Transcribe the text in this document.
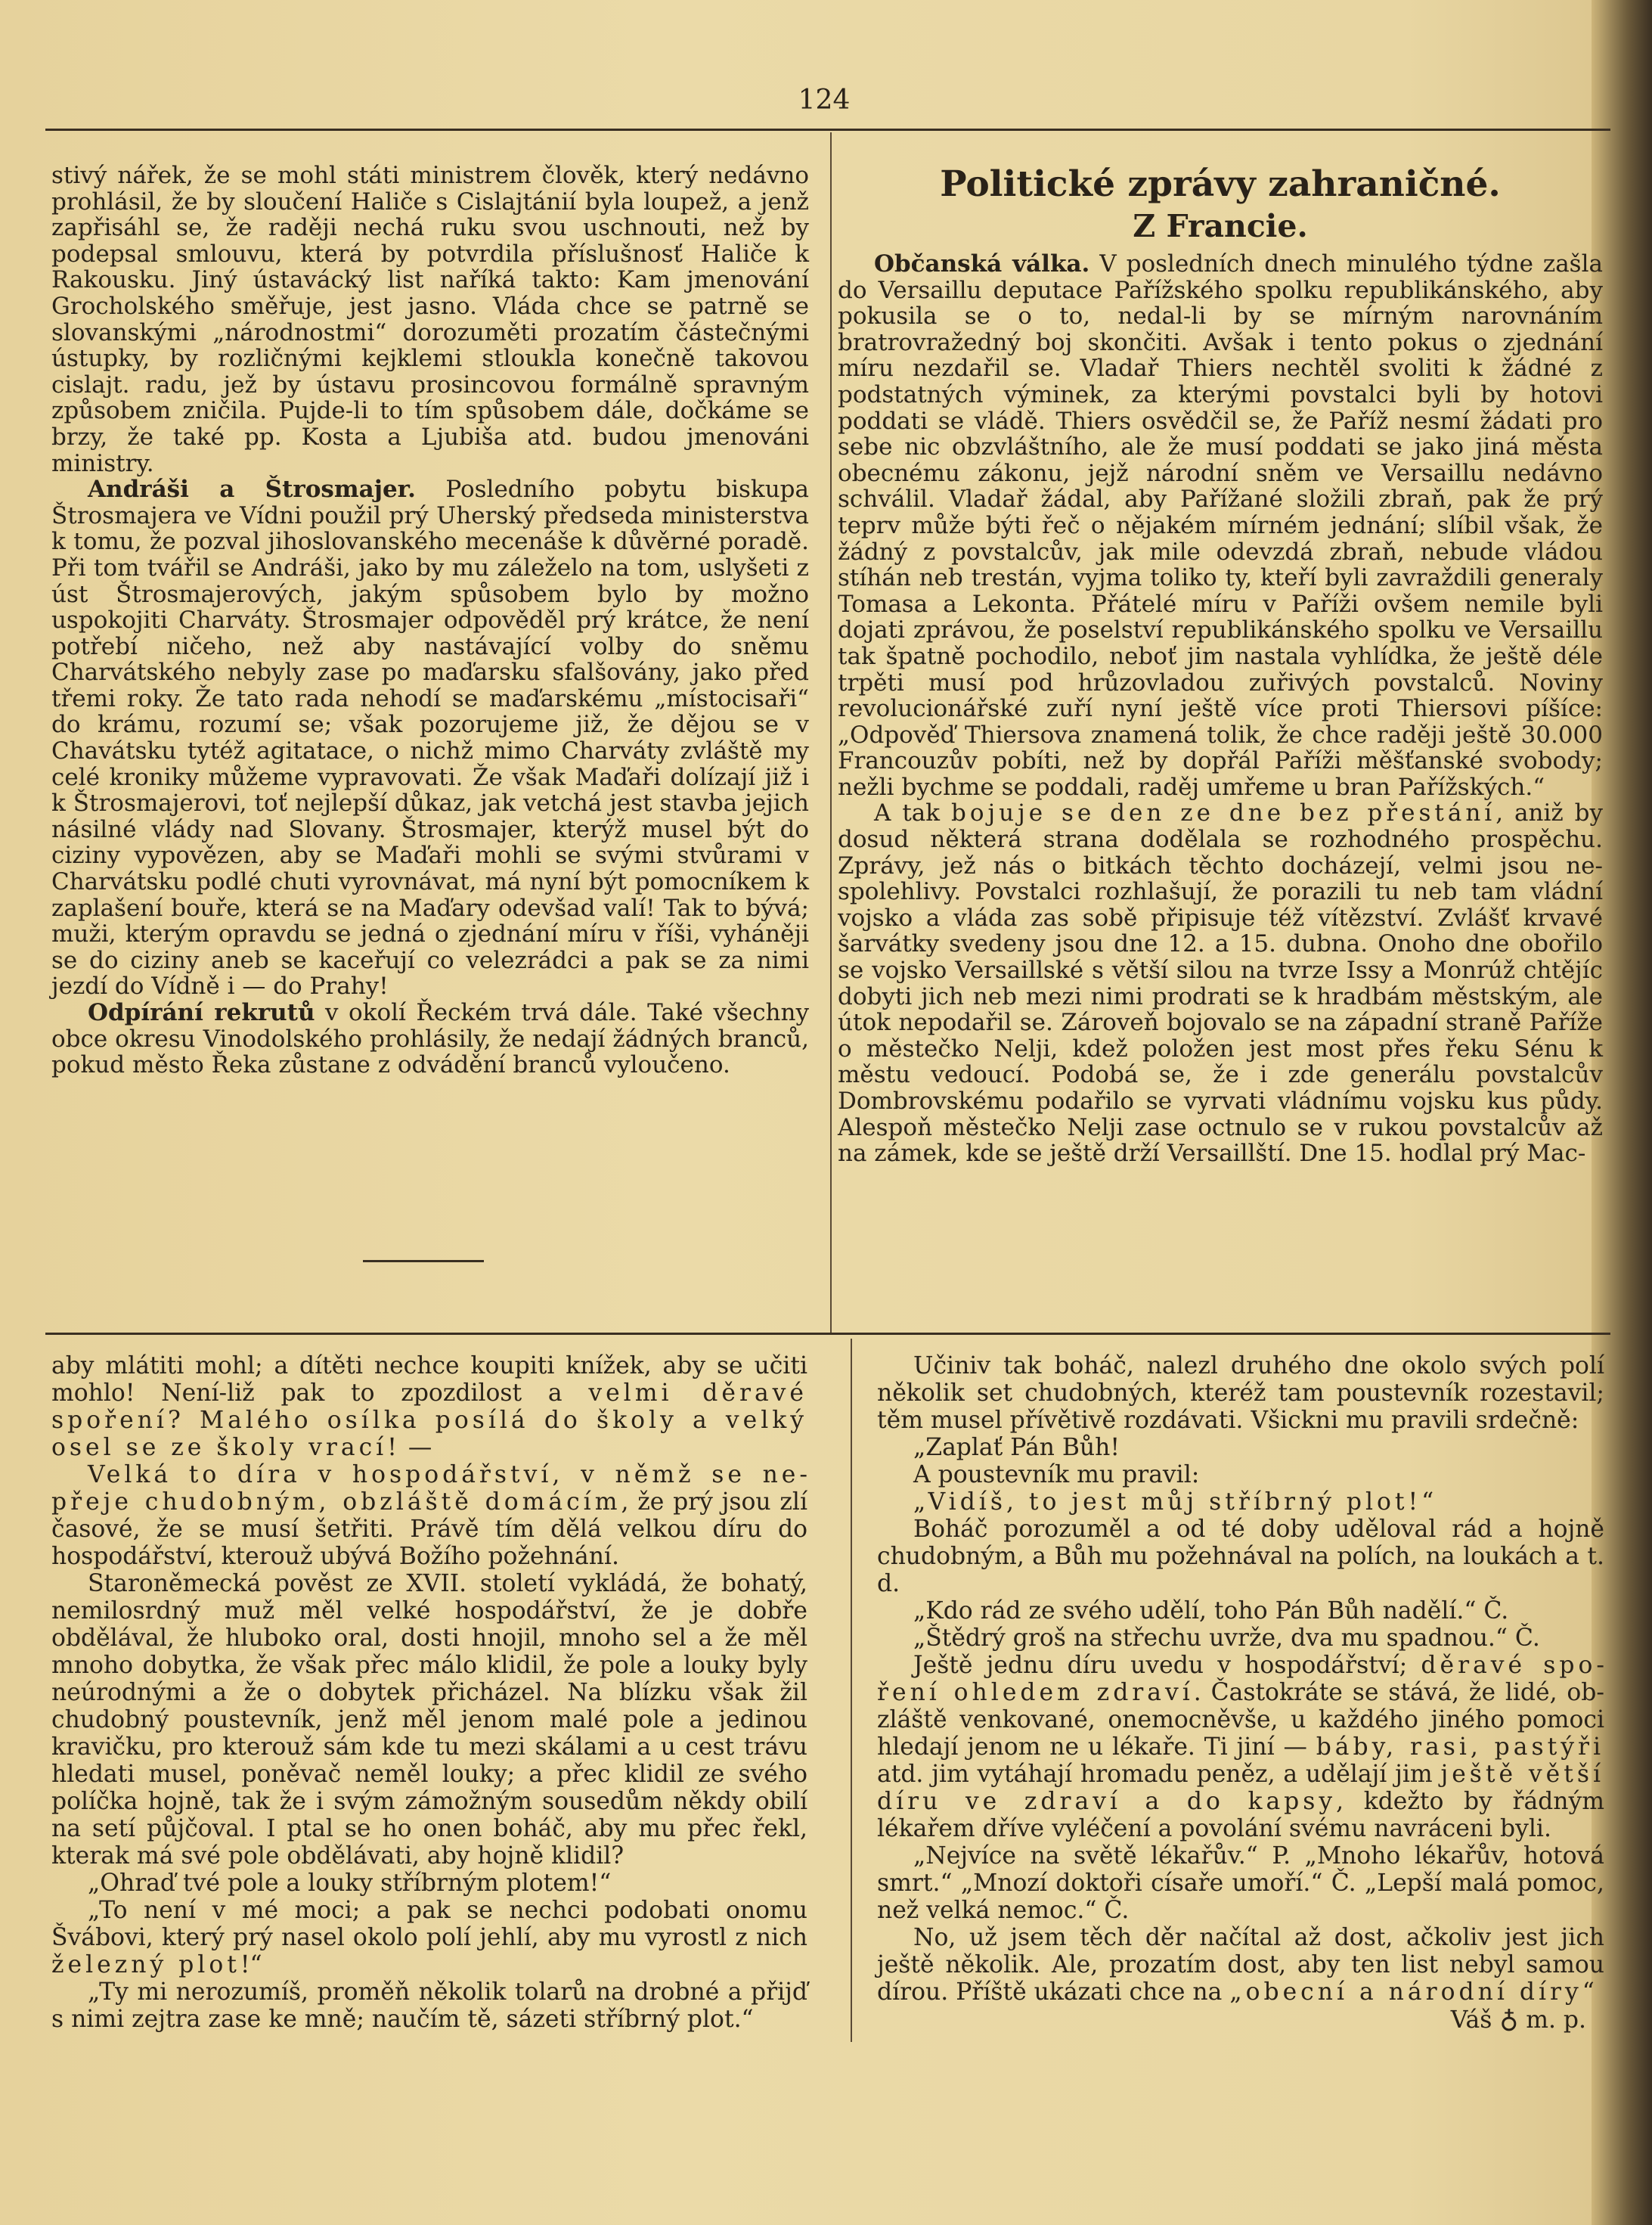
124

stivý nářek, že se mohl státi ministrem člověk, který nedávno prohlásil, že by sloučení Haliče s Cislajtánií byla loupež, a jenž zapřisáhl se, že raději nechá ruku svou uschnouti, než by podepsal smlouvu, která by potvrdila příslušnosť Haliče k Rakousku. Jiný ústavácký list naříká takto: Kam jmenování Grocholského směřuje, jest jasno. Vláda chce se patrně se slovanskými „národnostmi“ dorozuměti prozatím částečnými ústupky, by rozličnými kejklemi stloukla konečně takovou cislajt. radu, jež by ústavu prosincovou formálně spravným způsobem zničila. Pujde-li to tím spůsobem dále, dočkáme se brzy, že také pp. Kosta a Ljubiša atd. budou jmenováni ministry.

Andráši a Štrosmajer. Posledního pobytu biskupa Štrosmajera ve Vídni použil prý Uherský předseda ministerstva k tomu, že pozval jihoslovanského mecenáše k důvěrné poradě. Při tom tvářil se Andráši, jako by mu záleželo na tom, uslyšeti z úst Štrosmajerových, jakým spůsobem bylo by možno uspokojiti Charváty. Štrosmajer odpověděl prý krátce, že není potřebí ničeho, než aby nastávající volby do sněmu Charvátského nebyly zase po maďarsku sfalšovány, jako před třemi roky. Že tato rada nehodí se maďarskému „místocisaři“ do krámu, rozumí se; však pozorujeme již, že dějou se v Chavátsku tytéž agitatace, o nichž mimo Charváty zvláště my celé kroniky můžeme vypravovati. Že však Maďaři dolízají již i k Štrosmajerovi, toť nejlepší důkaz, jak vetchá jest stavba jejich násilné vlády nad Slovany. Štrosmajer, kterýž musel být do ciziny vypovězen, aby se Maďaři mohli se svými stvůrami v Charvátsku podlé chuti vyrovnávat, má nyní být pomocníkem k zaplašení bouře, která se na Maďary odevšad valí! Tak to bývá; muži, kterým opravdu se jedná o zjednání míru v říši, vyháněji se do ciziny aneb se kaceřují co velezrádci a pak se za nimi jezdí do Vídně i — do Prahy!

Odpírání rekrutů v okolí Řeckém trvá dále. Také všechny obce okresu Vinodolského prohlásily, že nedají žádných branců, pokud město Řeka zůstane z odvádění branců vyloučeno.

Politické zprávy zahraničné.
Z Francie.

Občanská válka. V posledních dnech minulého týdne zašla do Versaillu deputace Pařížského spolku republikánského, aby pokusila se o to, nedal-li by se mírným narovnáním bratrovražedný boj skončiti. Avšak i tento pokus o zjednání míru nezdařil se. Vladař Thiers nechtěl svoliti k žádné z podstatných výminek, za kterými povstalci byli by hotovi poddati se vládě. Thiers osvědčil se, že Paříž nesmí žádati pro sebe nic obzvláštního, ale že musí poddati se jako jiná města obecnému zákonu, jejž národní sněm ve Versaillu nedávno schválil. Vladař žádal, aby Pařížané složili zbraň, pak že prý teprv může býti řeč o nějakém mírném jednání; slíbil však, že žádný z povstalcův, jak mile odevzdá zbraň, nebude vládou stíhán neb trestán, vyjma toliko ty, kteří byli zavraždili generaly Tomasa a Lekonta. Přátelé míru v Paříži ovšem nemile byli dojati zprávou, že poselství republikánského spolku ve Versaillu tak špatně pochodilo, neboť jim nastala vyhlídka, že ještě déle trpěti musí pod hrůzovladou zuřivých povstalců. Noviny revolucionářské zuří nyní ještě více proti Thiersovi píšíce: „Odpověď Thiersova znamená tolik, že chce raději ještě 30.000 Francouzův pobíti, než by dopřál Paříži měšťanské svobody; nežli bychme se poddali, raděj umřeme u bran Pařížských.“

A tak bojuje se den ze dne bez přestání, aniž by dosud některá strana dodělala se rozhodného prospěchu. Zprávy, jež nás o bitkách těchto docházejí, velmi jsou nespolehlivy. Povstalci rozhlašují, že porazili tu neb tam vládní vojsko a vláda zas sobě připisuje též vítězství. Zvlášť krvavé šarvátky svedeny jsou dne 12. a 15. dubna. Onoho dne obořilo se vojsko Versaillské s větší silou na tvrze Issy a Monrúž chtějíc dobyti jich neb mezi nimi prodrati se k hradbám městským, ale útok nepodařil se. Zároveň bojovalo se na západní straně Paříže o městečko Nelji, kdež položen jest most přes řeku Sénu k městu vedoucí. Podobá se, že i zde generálu povstalcův Dombrovskému podařilo se vyrvati vládnímu vojsku kus půdy. Alespoň městečko Nelji zase octnulo se v rukou povstalcův až na zámek, kde se ještě drží Versaillští. Dne 15. hodlal prý Mac-

aby mlátiti mohl; a dítěti nechce koupiti knížek, aby se učiti mohlo! Není-liž pak to zpozdilost a velmi děravé spoření? Malého osílka posílá do školy a velký osel se ze školy vrací! —

Velká to díra v hospodářství, v němž se nepřeje chudobným, obzláště domácím, že prý jsou zlí časové, že se musí šetřiti. Právě tím dělá velkou díru do hospodářství, kterouž ubývá Božího požehnání.

Staroněmecká pověst ze XVII. století vykládá, že bohatý, nemilosrdný muž měl velké hospodářství, že je dobře obdělával, že hluboko oral, dosti hnojil, mnoho sel a že měl mnoho dobytka, že však přec málo klidil, že pole a louky byly neúrodnými a že o dobytek přicházel. Na blízku však žil chudobný poustevník, jenž měl jenom malé pole a jedinou kravičku, pro kterouž sám kde tu mezi skálami a u cest trávu hledati musel, poněvač neměl louky; a přec klidil ze svého políčka hojně, tak že i svým zámožným sousedům někdy obilí na setí půjčoval. I ptal se ho onen boháč, aby mu přec řekl, kterak má své pole obdělávati, aby hojně klidil?

„Ohraď tvé pole a louky stříbrným plotem!“

„To není v mé moci; a pak se nechci podobati onomu Švábovi, který prý nasel okolo polí jehlí, aby mu vyrostl z nich železný plot!“

„Ty mi nerozumíš, proměň několik tolarů na drobné a přijď s nimi zejtra zase ke mně; naučím tě, sázeti stříbrný plot.“

Učiniv tak boháč, nalezl druhého dne okolo svých polí několik set chudobných, kteréž tam poustevník rozestavil; těm musel přívětivě rozdávati. Všickni mu pravili srdečně:

„Zaplať Pán Bůh!

A poustevník mu pravil:

„Vidíš, to jest můj stříbrný plot!“

Boháč porozuměl a od té doby uděloval rád a hojně chudobným, a Bůh mu požehnával na polích, na loukách a t. d.

„Kdo rád ze svého udělí, toho Pán Bůh nadělí.“ Č.

„Štědrý groš na střechu uvrže, dva mu spadnou.“ Č.

Ještě jednu díru uvedu v hospodářství; děravé spoření ohledem zdraví. Častokráte se stává, že lidé, obzláště venkované, onemocněvše, u každého jiného pomoci hledají jenom ne u lékaře. Ti jiní — báby, rasi, pastýři atd. jim vytáhají hromadu peněz, a udělají jim ještě větší díru ve zdraví a do kapsy, kdežto by řádným lékařem dříve vyléčení a povolání svému navráceni byli.

„Nejvíce na světě lékařův.“ P. „Mnoho lékařův, hotová smrt.“ „Mnozí doktoři císaře umoří.“ Č. „Lepší malá pomoc, než velká nemoc.“ Č.

No, už jsem těch děr načítal až dost, ačkoliv jest jich ještě několik. Ale, prozatím dost, aby ten list nebyl samou dírou. Příště ukázati chce na „obecní a národní díry“

Váš ♁ m. p.
